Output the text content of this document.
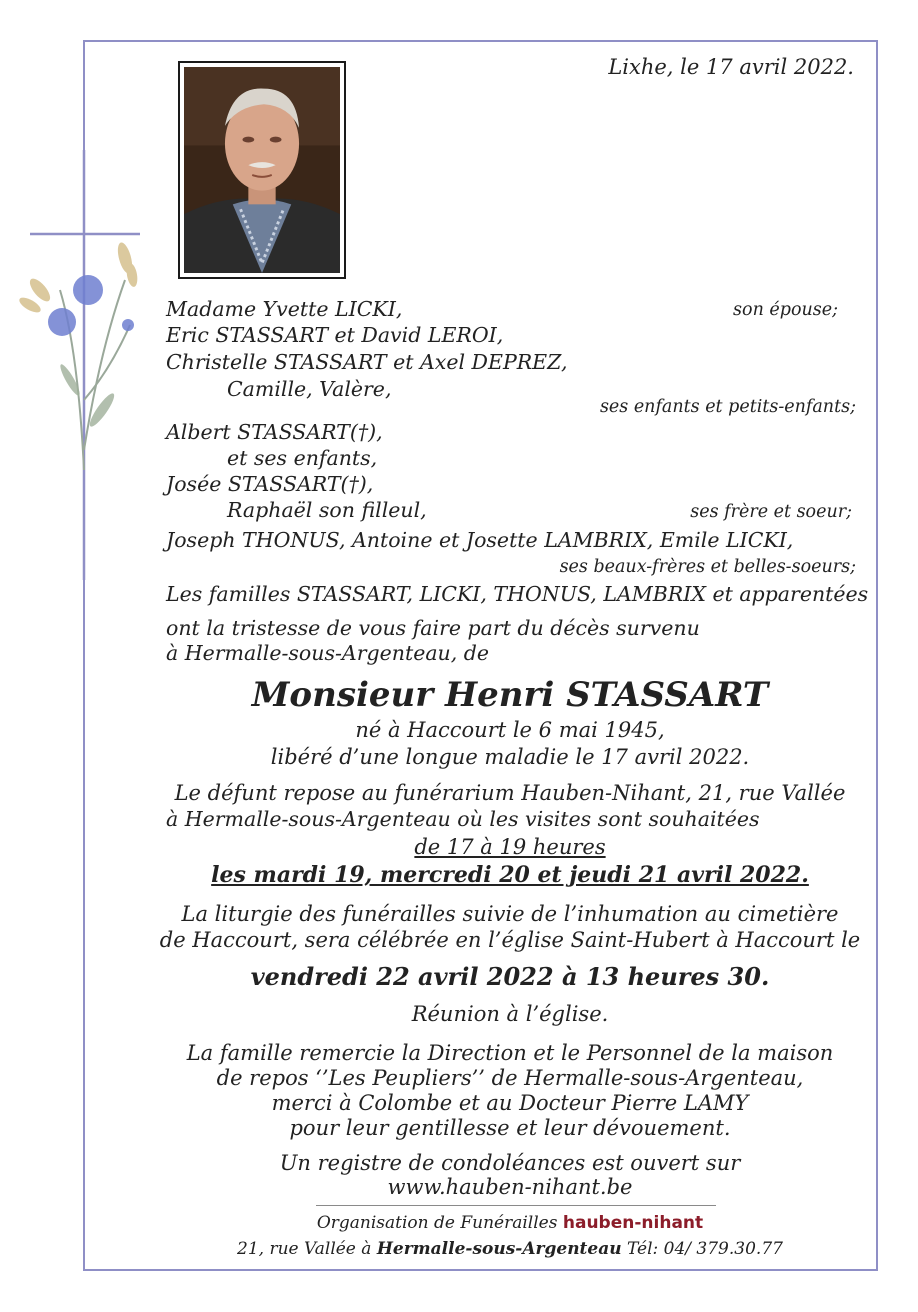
Lixhe, le 17 avril 2022.
Madame Yvette LICKI,	son épouse;
Eric STASSART et David LEROI,
Christelle STASSART et Axel DEPREZ,
Camille, Valère,
ses enfants et petits-enfants;
Albert STASSART(†),
et ses enfants,
Josée STASSART(†),
Raphaël son filleul,	ses frère et soeur;
Joseph THONUS, Antoine et Josette LAMBRIX, Emile LICKI,
ses beaux-frères et belles-soeurs;
Les familles STASSART, LICKI, THONUS, LAMBRIX et apparentées
ont la tristesse de vous faire part du décès survenu
à Hermalle-sous-Argenteau, de
Monsieur Henri STASSART
né à Haccourt le 6 mai 1945,
libéré d’une longue maladie le 17 avril 2022.
Le défunt repose au funérarium Hauben-Nihant, 21, rue Vallée
à Hermalle-sous-Argenteau où les visites sont souhaitées
de 17 à 19 heures
les mardi 19, mercredi 20 et jeudi 21 avril 2022.
La liturgie des funérailles suivie de l’inhumation au cimetière
de Haccourt, sera célébrée en l’église Saint-Hubert à Haccourt le
vendredi 22 avril 2022 à 13 heures 30.
Réunion à l’église.
La famille remercie la Direction et le Personnel de la maison
de repos ‘’Les Peupliers’’ de Hermalle-sous-Argenteau,
merci à Colombe et au Docteur Pierre LAMY
pour leur gentillesse et leur dévouement.
Un registre de condoléances est ouvert sur
www.hauben-nihant.be
Organisation de Funérailles hauben-nihant
21, rue Vallée à Hermalle-sous-Argenteau Tél: 04/ 379.30.77
